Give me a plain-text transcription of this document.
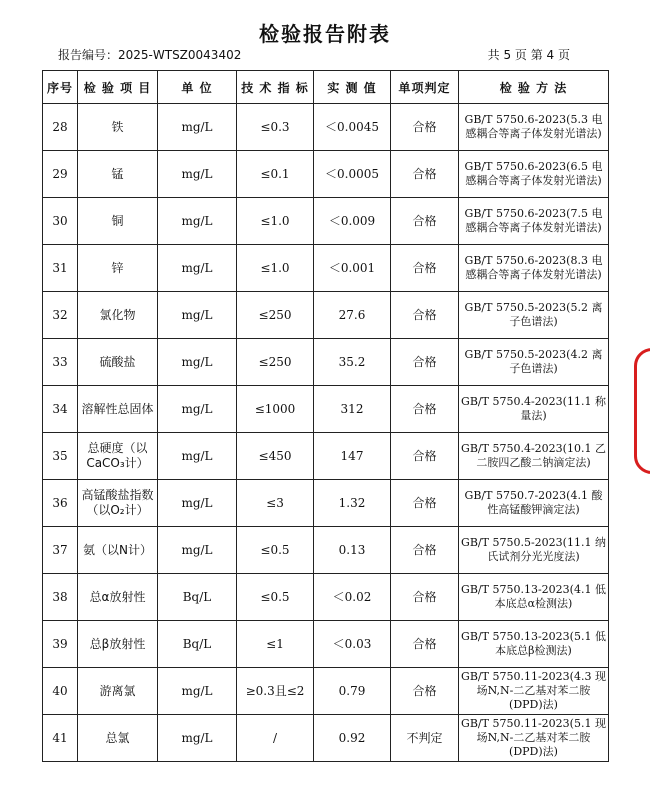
检验报告附表
报告编号：2025-WTSZ0043402	共 5 页 第 4 页
序号	检 验 项 目	单 位	技 术 指 标	实 测 值	单项判定	检 验 方 法
28	铁	mg/L	≤0.3	＜0.0045	合格	GB/T 5750.6-2023(5.3 电感耦合等离子体发射光谱法)
29	锰	mg/L	≤0.1	＜0.0005	合格	GB/T 5750.6-2023(6.5 电感耦合等离子体发射光谱法)
30	铜	mg/L	≤1.0	＜0.009	合格	GB/T 5750.6-2023(7.5 电感耦合等离子体发射光谱法)
31	锌	mg/L	≤1.0	＜0.001	合格	GB/T 5750.6-2023(8.3 电感耦合等离子体发射光谱法)
32	氯化物	mg/L	≤250	27.6	合格	GB/T 5750.5-2023(5.2 离子色谱法)
33	硫酸盐	mg/L	≤250	35.2	合格	GB/T 5750.5-2023(4.2 离子色谱法)
34	溶解性总固体	mg/L	≤1000	312	合格	GB/T 5750.4-2023(11.1 称量法)
35	总硬度（以CaCO₃计）	mg/L	≤450	147	合格	GB/T 5750.4-2023(10.1 乙二胺四乙酸二钠滴定法)
36	高锰酸盐指数（以O₂计）	mg/L	≤3	1.32	合格	GB/T 5750.7-2023(4.1 酸性高锰酸钾滴定法)
37	氨（以N计）	mg/L	≤0.5	0.13	合格	GB/T 5750.5-2023(11.1 纳氏试剂分光光度法)
38	总α放射性	Bq/L	≤0.5	＜0.02	合格	GB/T 5750.13-2023(4.1 低本底总α检测法)
39	总β放射性	Bq/L	≤1	＜0.03	合格	GB/T 5750.13-2023(5.1 低本底总β检测法)
40	游离氯	mg/L	≥0.3且≤2	0.79	合格	GB/T 5750.11-2023(4.3 现场N,N-二乙基对苯二胺(DPD)法)
41	总氯	mg/L	/	0.92	不判定	GB/T 5750.11-2023(5.1 现场N,N-二乙基对苯二胺(DPD)法)
